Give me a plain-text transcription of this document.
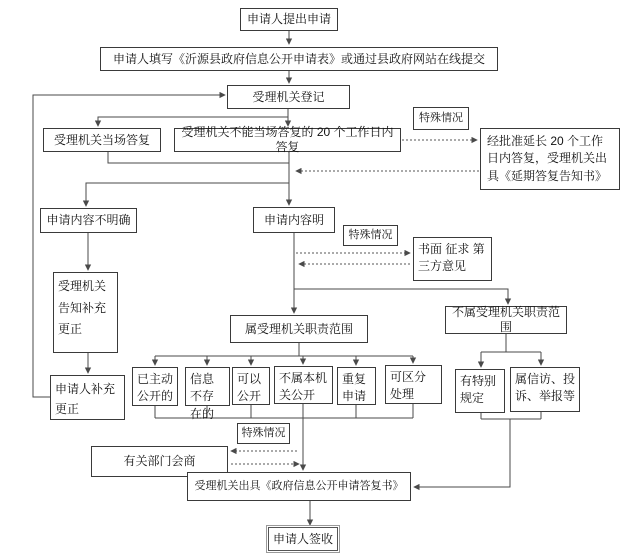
申请人提出申请
申请人填写《沂源县政府信息公开申请表》或通过县政府网站在线提交
受理机关登记
受理机关当场答复
受理机关不能当场答复的 20 个工作日内答复
特殊情况
经批准延长 20 个工作日内答复，受理机关出具《延期答复告知书》
申请内容不明确	申请内容明
特殊情况
书面 征求 第三方意见
受理机关告知补充更正
申请人补充更正
属受理机关职责范围
不属受理机关职责范围
已主动公开的
信息不存在的
可以公开
不属本机关公开
重复申请
可区分处理
有特别规定
属信访、投诉、举报等
特殊情况
有关部门会商
受理机关出具《政府信息公开申请答复书》
申请人签收
